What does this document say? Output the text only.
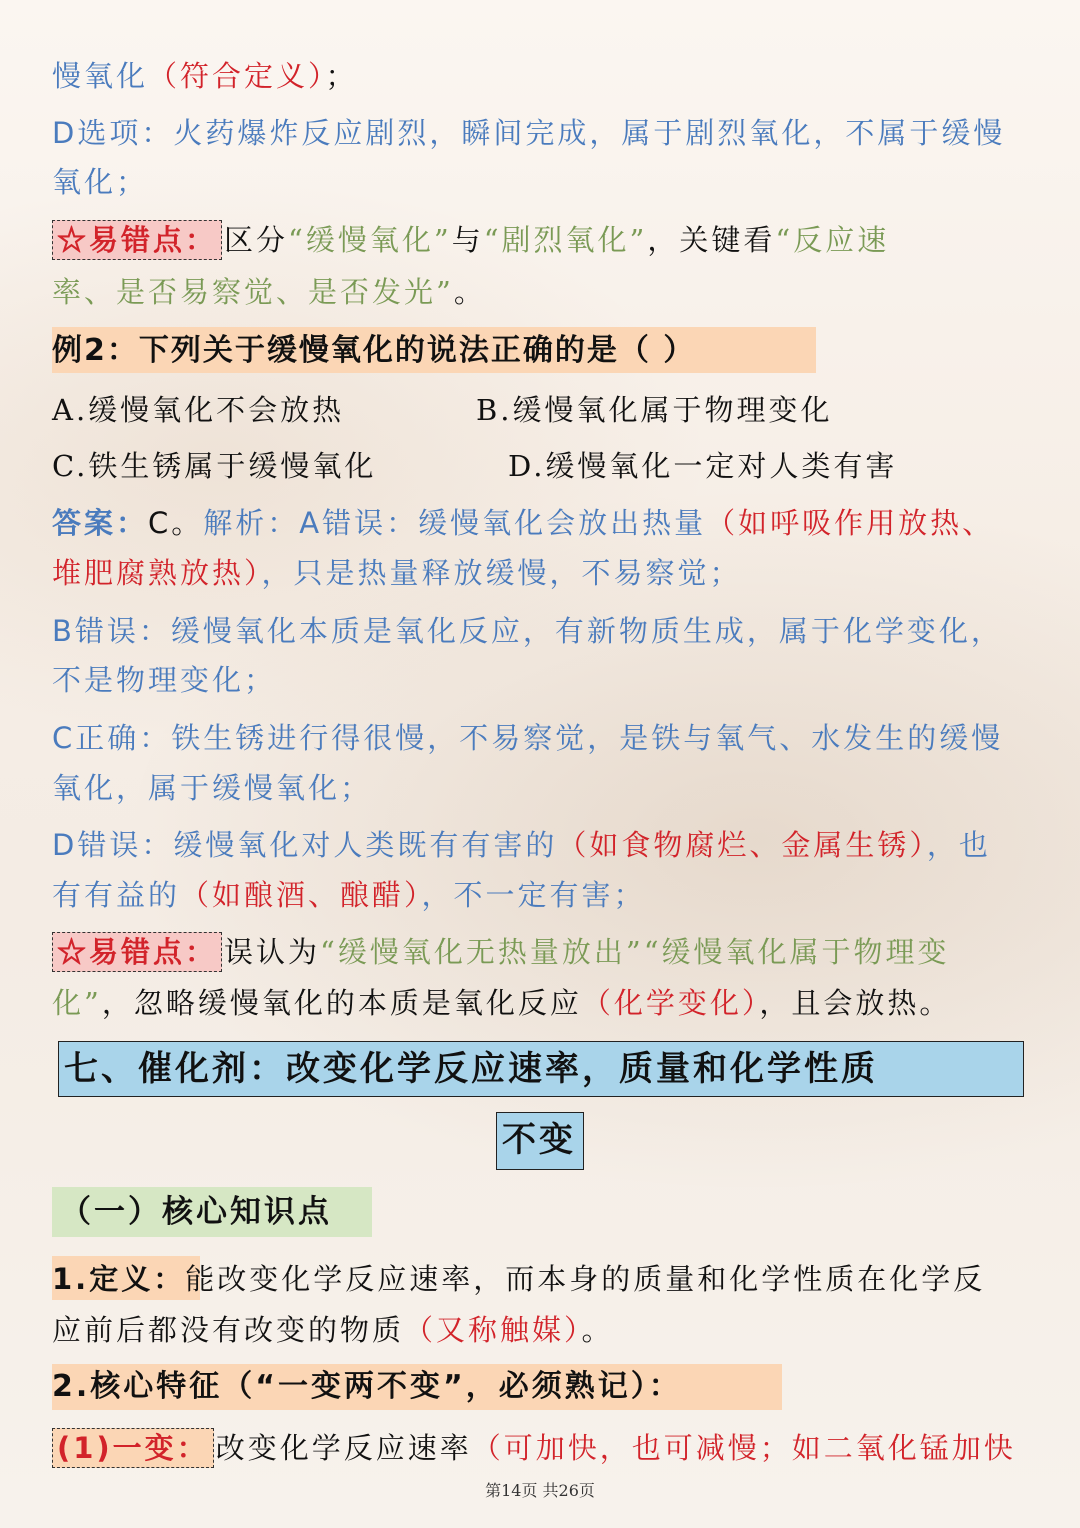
慢氧化（符合定义）；
D选项：火药爆炸反应剧烈，瞬间完成，属于剧烈氧化，不属于缓慢
氧化；
☆易错点： 区分“缓慢氧化”与“剧烈氧化”，关键看“反应速
率、是否易察觉、是否发光”。
例2：下列关于缓慢氧化的说法正确的是（ ）
A.缓慢氧化不会放热	B.缓慢氧化属于物理变化
C.铁生锈属于缓慢氧化	D.缓慢氧化一定对人类有害
答案：C。解析：A错误：缓慢氧化会放出热量（如呼吸作用放热、
堆肥腐熟放热），只是热量释放缓慢，不易察觉；
B错误：缓慢氧化本质是氧化反应，有新物质生成，属于化学变化，
不是物理变化；
C正确：铁生锈进行得很慢，不易察觉，是铁与氧气、水发生的缓慢
氧化，属于缓慢氧化；
D错误：缓慢氧化对人类既有有害的（如食物腐烂、金属生锈），也
有有益的（如酿酒、酿醋），不一定有害；
☆易错点： 误认为“缓慢氧化无热量放出”“缓慢氧化属于物理变
化”，忽略缓慢氧化的本质是氧化反应（化学变化），且会放热。
七、催化剂：改变化学反应速率，质量和化学性质
不变
（一）核心知识点
1.定义：能改变化学反应速率，而本身的质量和化学性质在化学反
应前后都没有改变的物质（又称触媒）。
2.核心特征（“一变两不变”，必须熟记）：
(1)一变： 改变化学反应速率（可加快，也可减慢；如二氧化锰加快
第14页 共26页
